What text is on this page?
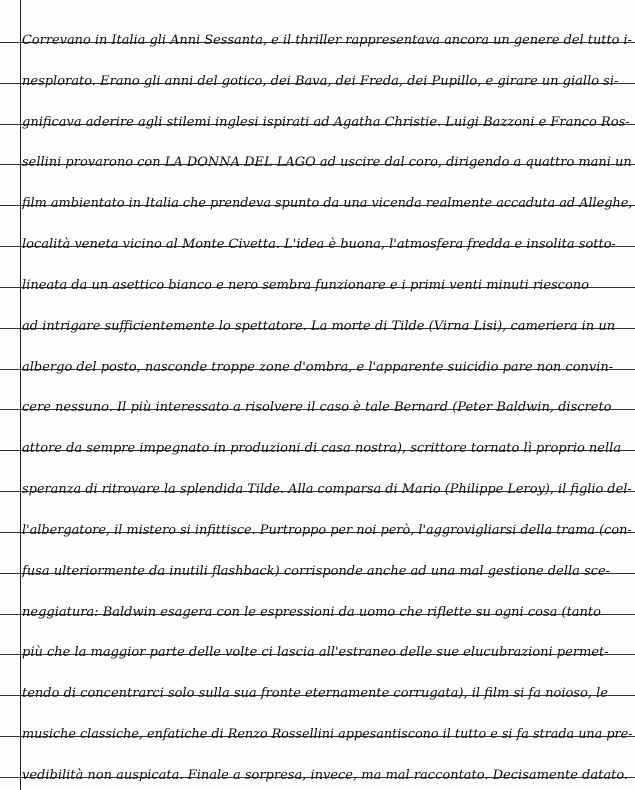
Correvano in Italia gli Anni Sessanta, e il thriller rappresentava ancora un genere del tutto i-
nesplorato. Erano gli anni del gotico, dei Bava, dei Freda, dei Pupillo, e girare un giallo si-
gnificava aderire agli stilemi inglesi ispirati ad Agatha Christie. Luigi Bazzoni e Franco Ros-
sellini provarono con LA DONNA DEL LAGO ad uscire dal coro, dirigendo a quattro mani un
film ambientato in Italia che prendeva spunto da una vicenda realmente accaduta ad Alleghe,
località veneta vicino al Monte Civetta. L'idea è buona, l'atmosfera fredda e insolita sotto-
lineata da un asettico bianco e nero sembra funzionare e i primi venti minuti riescono
ad intrigare sufficientemente lo spettatore. La morte di Tilde (Virna Lisi), cameriera in un
albergo del posto, nasconde troppe zone d'ombra, e l'apparente suicidio pare non convin-
cere nessuno. Il più interessato a risolvere il caso è tale Bernard (Peter Baldwin, discreto
attore da sempre impegnato in produzioni di casa nostra), scrittore tornato lì proprio nella
speranza di ritrovare la splendida Tilde. Alla comparsa di Mario (Philippe Leroy), il figlio del-
l'albergatore, il mistero si infittisce. Purtroppo per noi però, l'aggrovigliarsi della trama (con-
fusa ulteriormente da inutili flashback) corrisponde anche ad una mal gestione della sce-
neggiatura: Baldwin esagera con le espressioni da uomo che riflette su ogni cosa (tanto
più che la maggior parte delle volte ci lascia all'estraneo delle sue elucubrazioni permet-
tendo di concentrarci solo sulla sua fronte eternamente corrugata), il film si fa noioso, le
musiche classiche, enfatiche di Renzo Rossellini appesantiscono il tutto e si fa strada una pre-
vedibilità non auspicata. Finale a sorpresa, invece, ma mal raccontato. Decisamente datato.
